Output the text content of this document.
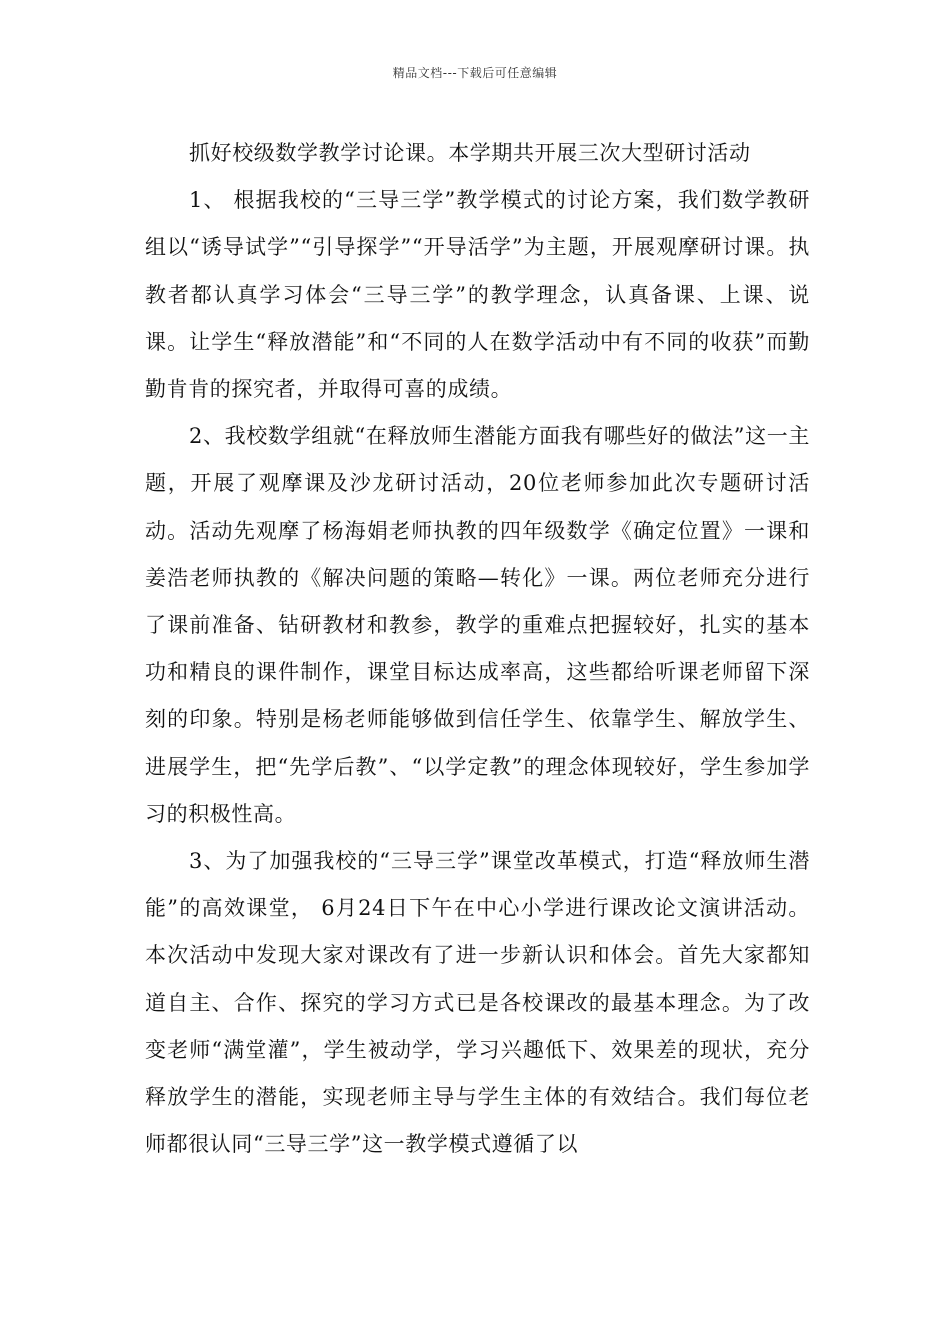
精品文档---下载后可任意编辑

抓好校级数学教学讨论课。本学期共开展三次大型研讨活动

1、 根据我校的“三导三学”教学模式的讨论方案，我们数学教研组以“诱导试学”“引导探学”“开导活学”为主题，开展观摩研讨课。执教者都认真学习体会“三导三学”的教学理念，认真备课、上课、说课。让学生“释放潜能”和“不同的人在数学活动中有不同的收获”而勤勤肯肯的探究者，并取得可喜的成绩。

2、我校数学组就“在释放师生潜能方面我有哪些好的做法”这一主题，开展了观摩课及沙龙研讨活动，20位老师参加此次专题研讨活动。活动先观摩了杨海娟老师执教的四年级数学《确定位置》一课和姜浩老师执教的《解决问题的策略—转化》一课。两位老师充分进行了课前准备、钻研教材和教参，教学的重难点把握较好，扎实的基本功和精良的课件制作，课堂目标达成率高，这些都给听课老师留下深刻的印象。特别是杨老师能够做到信任学生、依靠学生、解放学生、进展学生，把“先学后教”、“以学定教”的理念体现较好，学生参加学习的积极性高。

3、为了加强我校的“三导三学”课堂改革模式，打造“释放师生潜能”的高效课堂， 6月24日下午在中心小学进行课改论文演讲活动。本次活动中发现大家对课改有了进一步新认识和体会。首先大家都知道自主、合作、探究的学习方式已是各校课改的最基本理念。为了改变老师“满堂灌”，学生被动学，学习兴趣低下、效果差的现状，充分释放学生的潜能，实现老师主导与学生主体的有效结合。我们每位老师都很认同“三导三学”这一教学模式遵循了以
